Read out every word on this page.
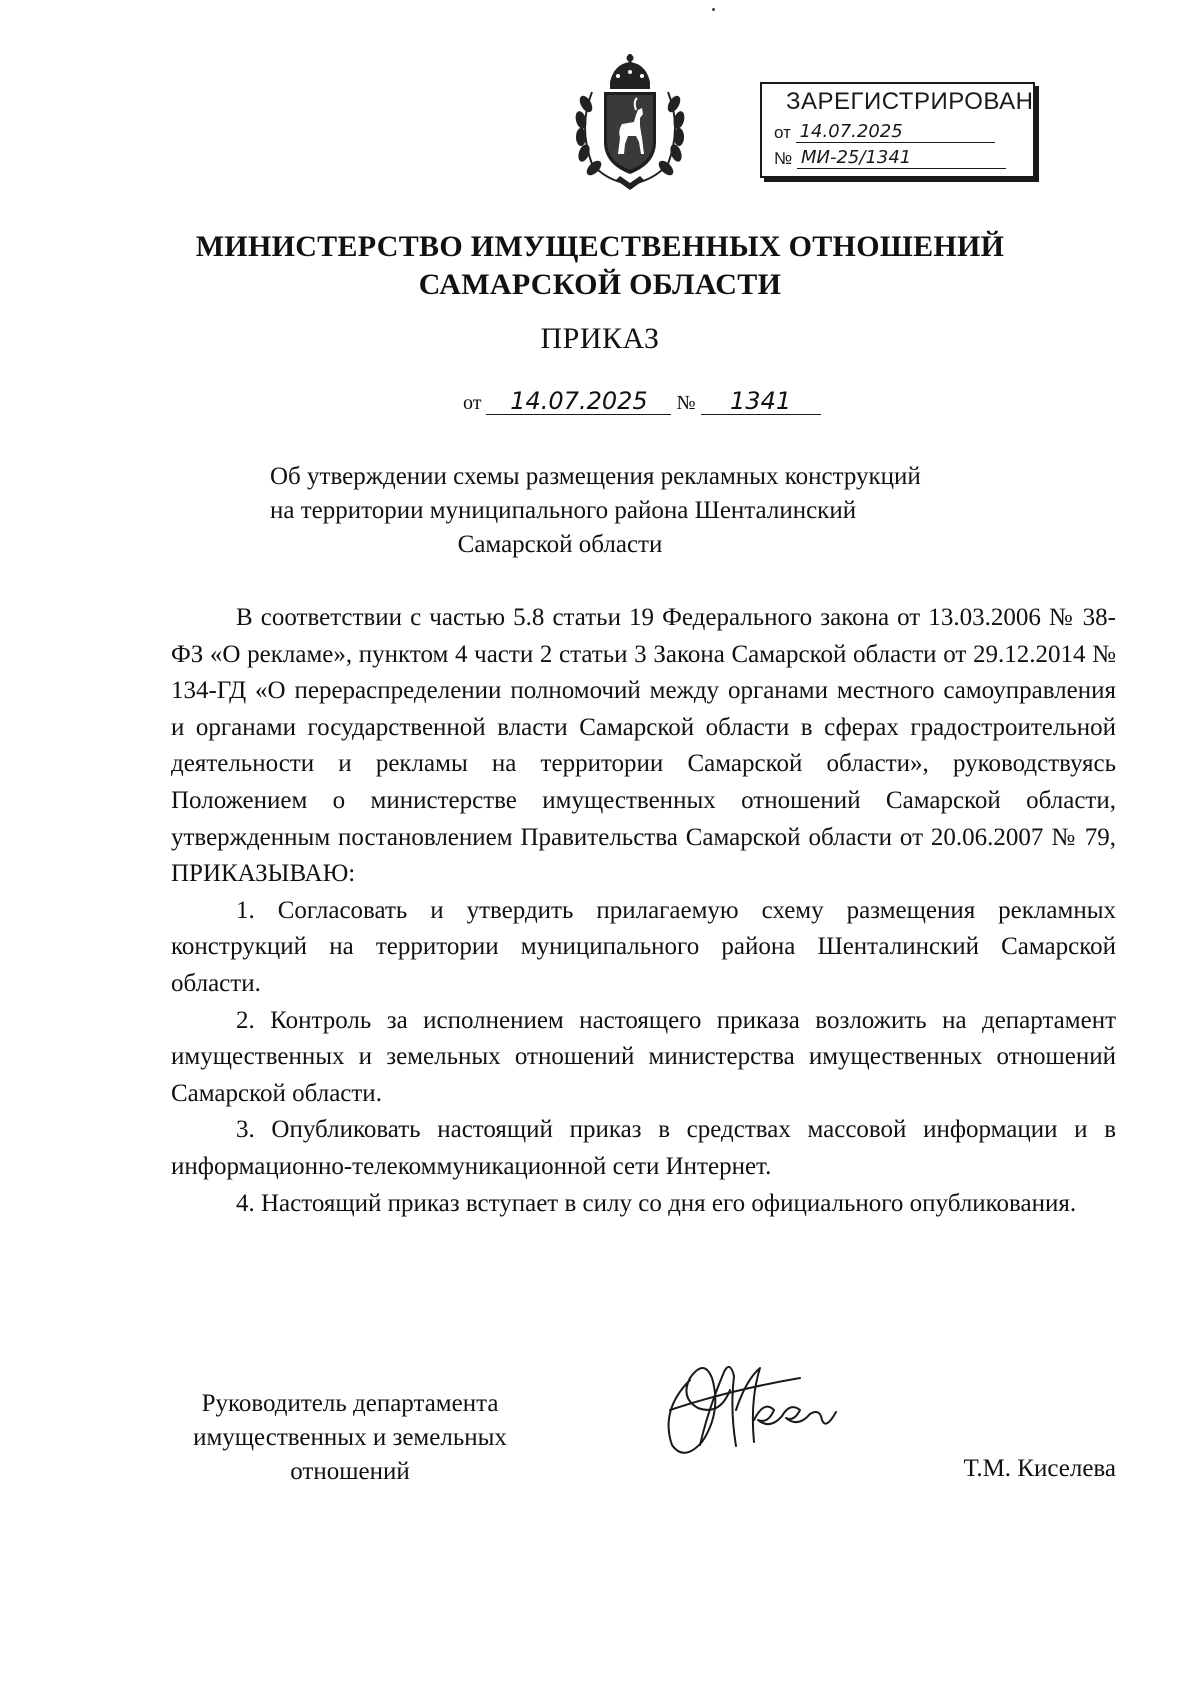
ЗАРЕГИСТРИРОВАН
от 14.07.2025
№ МИ-25/1341
МИНИСТЕРСТВО ИМУЩЕСТВЕННЫХ ОТНОШЕНИЙ
САМАРСКОЙ ОБЛАСТИ
ПРИКАЗ
от 14.07.2025 № 1341
Об утверждении схемы размещения рекламных конструкций
на территории муниципального района Шенталинский
Самарской области

В соответствии с частью 5.8 статьи 19 Федерального закона от 13.03.2006 № 38-ФЗ «О рекламе», пунктом 4 части 2 статьи 3 Закона Самарской области от 29.12.2014 № 134-ГД «О перераспределении полномочий между органами местного самоуправления и органами государственной власти Самарской области в сферах градостроительной деятельности и рекламы на территории Самарской области», руководствуясь Положением о министерстве имущественных отношений Самарской области, утвержденным постановлением Правительства Самарской области от 20.06.2007 № 79, ПРИКАЗЫВАЮ:

1. Согласовать и утвердить прилагаемую схему размещения рекламных конструкций на территории муниципального района Шенталинский Самарской области.

2. Контроль за исполнением настоящего приказа возложить на департамент имущественных и земельных отношений министерства имущественных отношений Самарской области.

3. Опубликовать настоящий приказ в средствах массовой информации и в информационно-телекоммуникационной сети Интернет.

4. Настоящий приказ вступает в силу со дня его официального опубликования.

Руководитель департамента
имущественных и земельных
отношений	Т.М. Киселева
